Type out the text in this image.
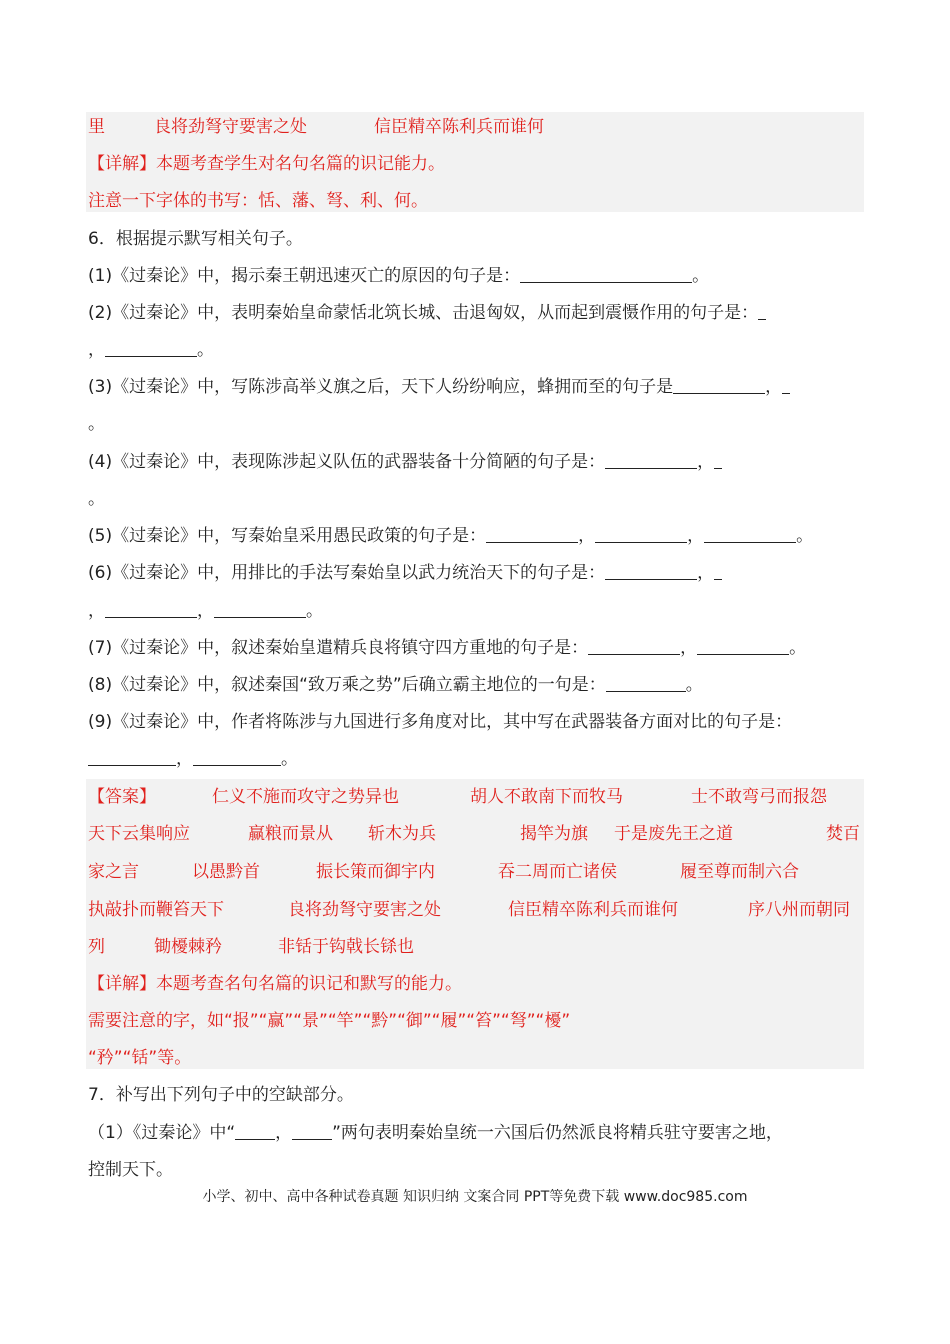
里	良将劲弩守要害之处	信臣精卒陈利兵而谁何
【详解】本题考查学生对名句名篇的识记能力。
注意一下字体的书写：恬、藩、弩、利、何。
6．根据提示默写相关句子。
(1)《过秦论》中，揭示秦王朝迅速灭亡的原因的句子是：	。
(2)《过秦论》中，表明秦始皇命蒙恬北筑长城、击退匈奴，从而起到震慑作用的句子是：
，	。
(3)《过秦论》中，写陈涉高举义旗之后，天下人纷纷响应，蜂拥而至的句子是	，
。
(4)《过秦论》中，表现陈涉起义队伍的武器装备十分简陋的句子是：	，
。
(5)《过秦论》中，写秦始皇采用愚民政策的句子是：	，	，	。
(6)《过秦论》中，用排比的手法写秦始皇以武力统治天下的句子是：	，
，	，	。
(7)《过秦论》中，叙述秦始皇遣精兵良将镇守四方重地的句子是：	，	。
(8)《过秦论》中，叙述秦国“致万乘之势”后确立霸主地位的一句是：	。
(9)《过秦论》中，作者将陈涉与九国进行多角度对比，其中写在武器装备方面对比的句子是：
，	。
【答案】	仁义不施而攻守之势异也	胡人不敢南下而牧马	士不敢弯弓而报怨
天下云集响应	赢粮而景从 斩木为兵	揭竿为旗 于是废先王之道	焚百
家之言	以愚黔首	振长策而御宇内	吞二周而亡诸侯	履至尊而制六合
执敲扑而鞭笞天下	良将劲弩守要害之处	信臣精卒陈利兵而谁何	序八州而朝同
列	锄櫌棘矜	非铦于钩戟长铩也
【详解】本题考查名句名篇的识记和默写的能力。
需要注意的字，如“报”“赢”“景”“竿”“黔”“御”“履”“笞”“弩”“櫌”
“矜”“铦”等。
7．补写出下列句子中的空缺部分。
（1）《过秦论》中“ ， ”两句表明秦始皇统一六国后仍然派良将精兵驻守要害之地，
控制天下。
小学、初中、高中各种试卷真题 知识归纳 文案合同 PPT等免费下载 www.doc985.com
